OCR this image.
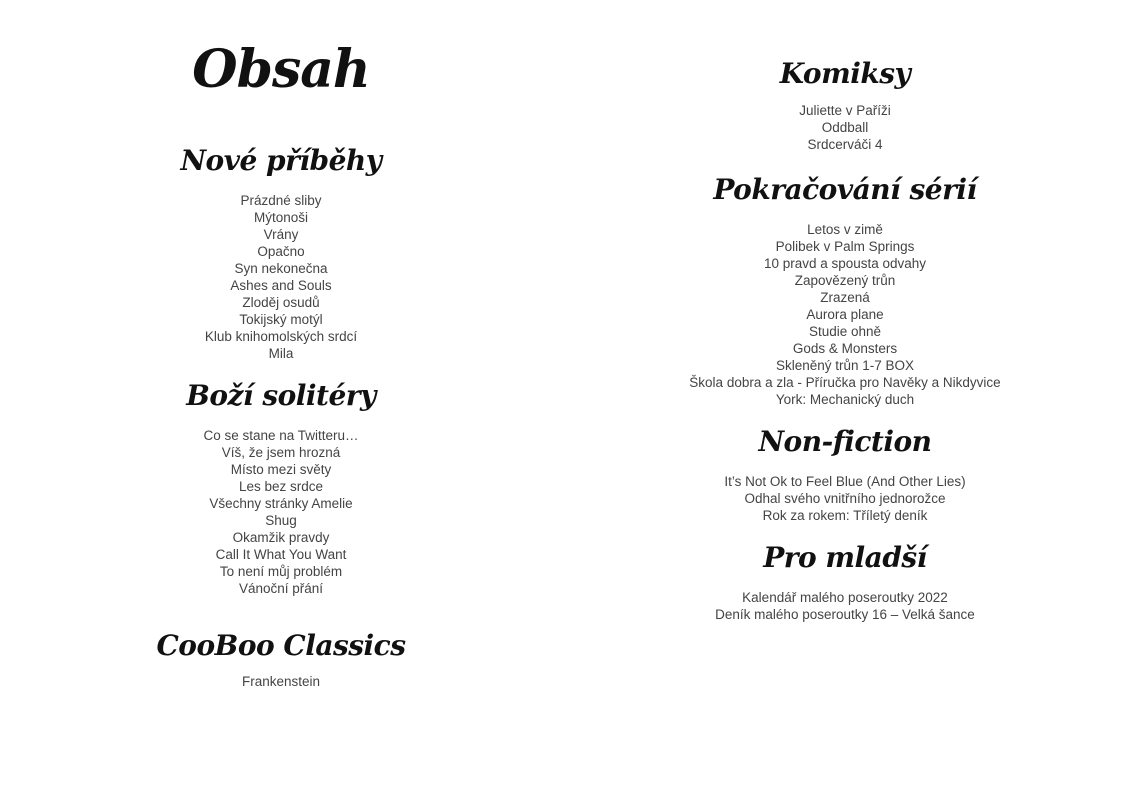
Obsah
Nové příběhy
Prázdné sliby
Mýtonoši
Vrány
Opačno
Syn nekonečna
Ashes and Souls
Zloděj osudů
Tokijský motýl
Klub knihomolských srdcí
Mila
Boží solitéry
Co se stane na Twitteru…
Víš, že jsem hrozná
Místo mezi světy
Les bez srdce
Všechny stránky Amelie
Shug
Okamžik pravdy
Call It What You Want
To není můj problém
Vánoční přání
CooBoo Classics
Frankenstein
Komiksy
Juliette v Paříži
Oddball
Srdcerváči 4
Pokračování sérií
Letos v zimě
Polibek v Palm Springs
10 pravd a spousta odvahy
Zapovězený trůn
Zrazená
Aurora plane
Studie ohně
Gods & Monsters
Skleněný trůn 1-7 BOX
Škola dobra a zla - Příručka pro Navěky a Nikdyvice
York: Mechanický duch
Non-fiction
It’s Not Ok to Feel Blue (And Other Lies)
Odhal svého vnitřního jednorožce
Rok za rokem: Tříletý deník
Pro mladší
Kalendář malého poseroutky 2022
Deník malého poseroutky 16 – Velká šance
